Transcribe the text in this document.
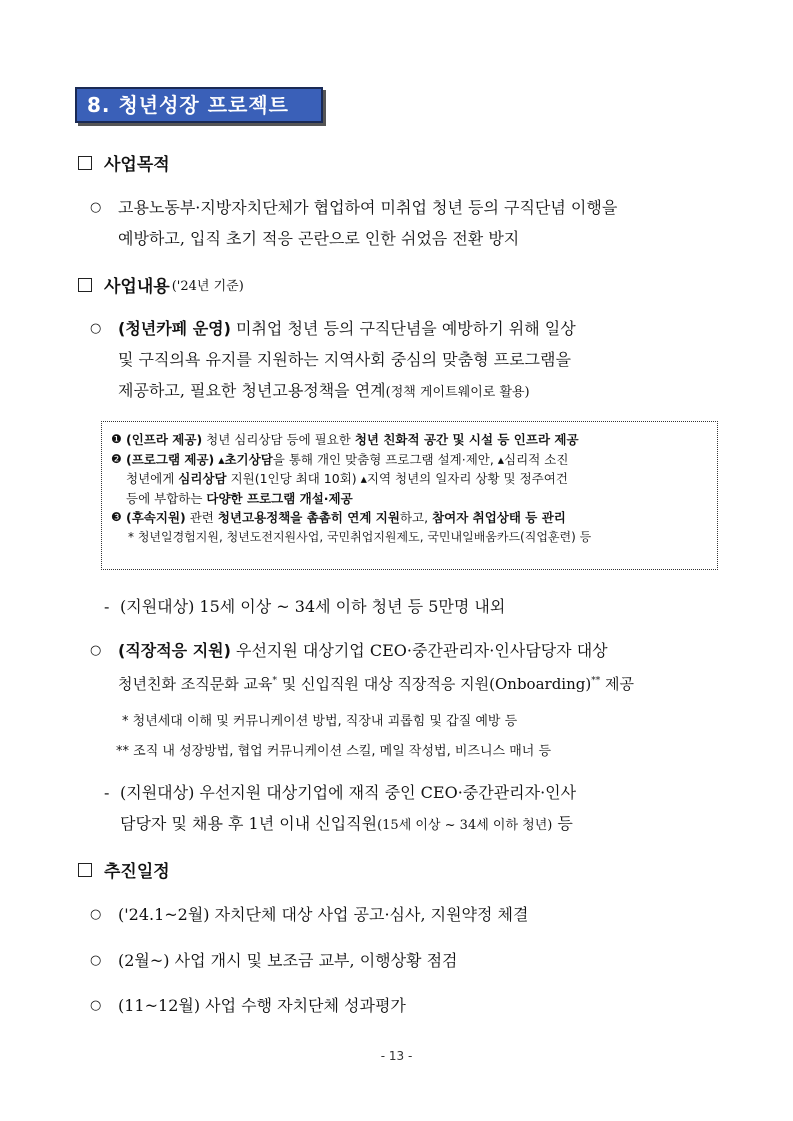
8. 청년성장 프로젝트
사업목적
○ 고용노동부·지방자치단체가 협업하여 미취업 청년 등의 구직단념 이행을
예방하고, 입직 초기 적응 곤란으로 인한 쉬었음 전환 방지
사업내용 ('24년 기준)
○ (청년카페 운영) 미취업 청년 등의 구직단념을 예방하기 위해 일상
및 구직의욕 유지를 지원하는 지역사회 중심의 맞춤형 프로그램을
제공하고, 필요한 청년고용정책을 연계(정책 게이트웨이로 활용)
❶ (인프라 제공) 청년 심리상담 등에 필요한 청년 친화적 공간 및 시설 등 인프라 제공
❷ (프로그램 제공) ▴초기상담을 통해 개인 맞춤형 프로그램 설계·제안, ▴심리적 소진
청년에게 심리상담 지원(1인당 최대 10회) ▴지역 청년의 일자리 상황 및 정주여건
등에 부합하는 다양한 프로그램 개설·제공
❸ (후속지원) 관련 청년고용정책을 촘촘히 연계 지원하고, 참여자 취업상태 등 관리
* 청년일경험지원, 청년도전지원사업, 국민취업지원제도, 국민내일배움카드(직업훈련) 등
- (지원대상) 15세 이상 ~ 34세 이하 청년 등 5만명 내외
○ (직장적응 지원) 우선지원 대상기업 CEO·중간관리자·인사담당자 대상
청년친화 조직문화 교육* 및 신입직원 대상 직장적응 지원(Onboarding)** 제공
* 청년세대 이해 및 커뮤니케이션 방법, 직장내 괴롭힘 및 갑질 예방 등
** 조직 내 성장방법, 협업 커뮤니케이션 스킬, 메일 작성법, 비즈니스 매너 등
- (지원대상) 우선지원 대상기업에 재직 중인 CEO·중간관리자·인사
담당자 및 채용 후 1년 이내 신입직원(15세 이상 ~ 34세 이하 청년) 등
추진일정
○ ('24.1~2월) 자치단체 대상 사업 공고·심사, 지원약정 체결
○ (2월~) 사업 개시 및 보조금 교부, 이행상황 점검
○ (11~12월) 사업 수행 자치단체 성과평가
- 13 -
